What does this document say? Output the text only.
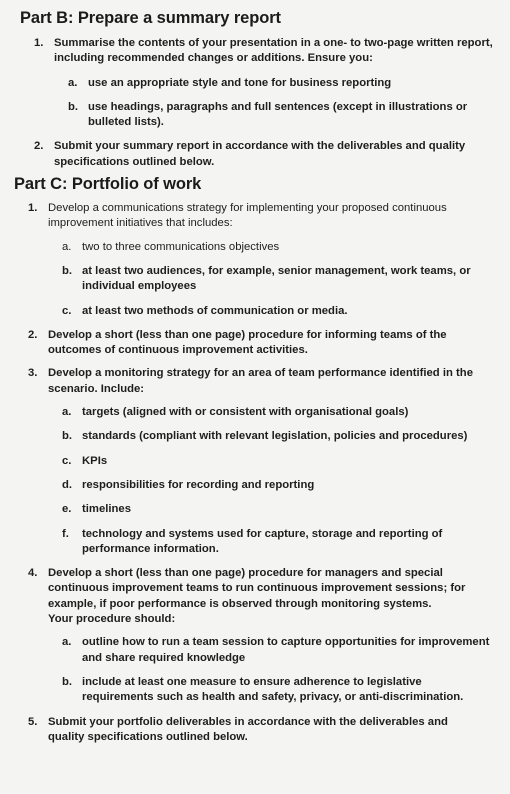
Part B: Prepare a summary report
1. Summarise the contents of your presentation in a one- to two-page written report, including recommended changes or additions. Ensure you:
a. use an appropriate style and tone for business reporting
b. use headings, paragraphs and full sentences (except in illustrations or bulleted lists).
2. Submit your summary report in accordance with the deliverables and quality specifications outlined below.
Part C: Portfolio of work
1. Develop a communications strategy for implementing your proposed continuous improvement initiatives that includes:
a. two to three communications objectives
b. at least two audiences, for example, senior management, work teams, or individual employees
c. at least two methods of communication or media.
2. Develop a short (less than one page) procedure for informing teams of the outcomes of continuous improvement activities.
3. Develop a monitoring strategy for an area of team performance identified in the scenario. Include:
a. targets (aligned with or consistent with organisational goals)
b. standards (compliant with relevant legislation, policies and procedures)
c. KPIs
d. responsibilities for recording and reporting
e. timelines
f. technology and systems used for capture, storage and reporting of performance information.
4. Develop a short (less than one page) procedure for managers and special continuous improvement teams to run continuous improvement sessions; for example, if poor performance is observed through monitoring systems.
Your procedure should:
a. outline how to run a team session to capture opportunities for improvement and share required knowledge
b. include at least one measure to ensure adherence to legislative requirements such as health and safety, privacy, or anti-discrimination.
5. Submit your portfolio deliverables in accordance with the deliverables and quality specifications outlined below.
